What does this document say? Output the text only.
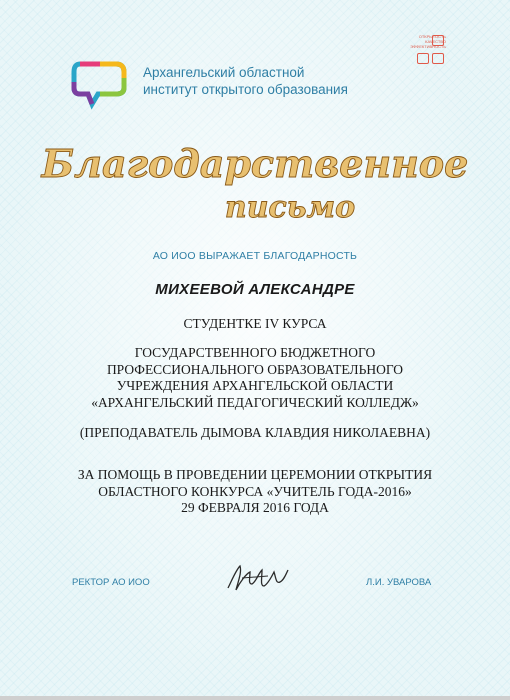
Архангельский областной
институт открытого образования
ОТКРЫТОСТЬ
КАЧЕСТВО
ЭФФЕКТИВНОСТЬ
Благодарственное
письмо
АО ИОО ВЫРАЖАЕТ БЛАГОДАРНОСТЬ
МИХЕЕВОЙ АЛЕКСАНДРЕ
СТУДЕНТКЕ IV КУРСА
ГОСУДАРСТВЕННОГО БЮДЖЕТНОГО
ПРОФЕССИОНАЛЬНОГО ОБРАЗОВАТЕЛЬНОГО
УЧРЕЖДЕНИЯ АРХАНГЕЛЬСКОЙ ОБЛАСТИ
«АРХАНГЕЛЬСКИЙ ПЕДАГОГИЧЕСКИЙ КОЛЛЕДЖ»
(ПРЕПОДАВАТЕЛЬ ДЫМОВА КЛАВДИЯ НИКОЛАЕВНА)
ЗА ПОМОЩЬ В ПРОВЕДЕНИИ ЦЕРЕМОНИИ ОТКРЫТИЯ
ОБЛАСТНОГО КОНКУРСА «УЧИТЕЛЬ ГОДА-2016»
29 ФЕВРАЛЯ 2016 ГОДА
РЕКТОР АО ИОО	Л.И. УВАРОВА
